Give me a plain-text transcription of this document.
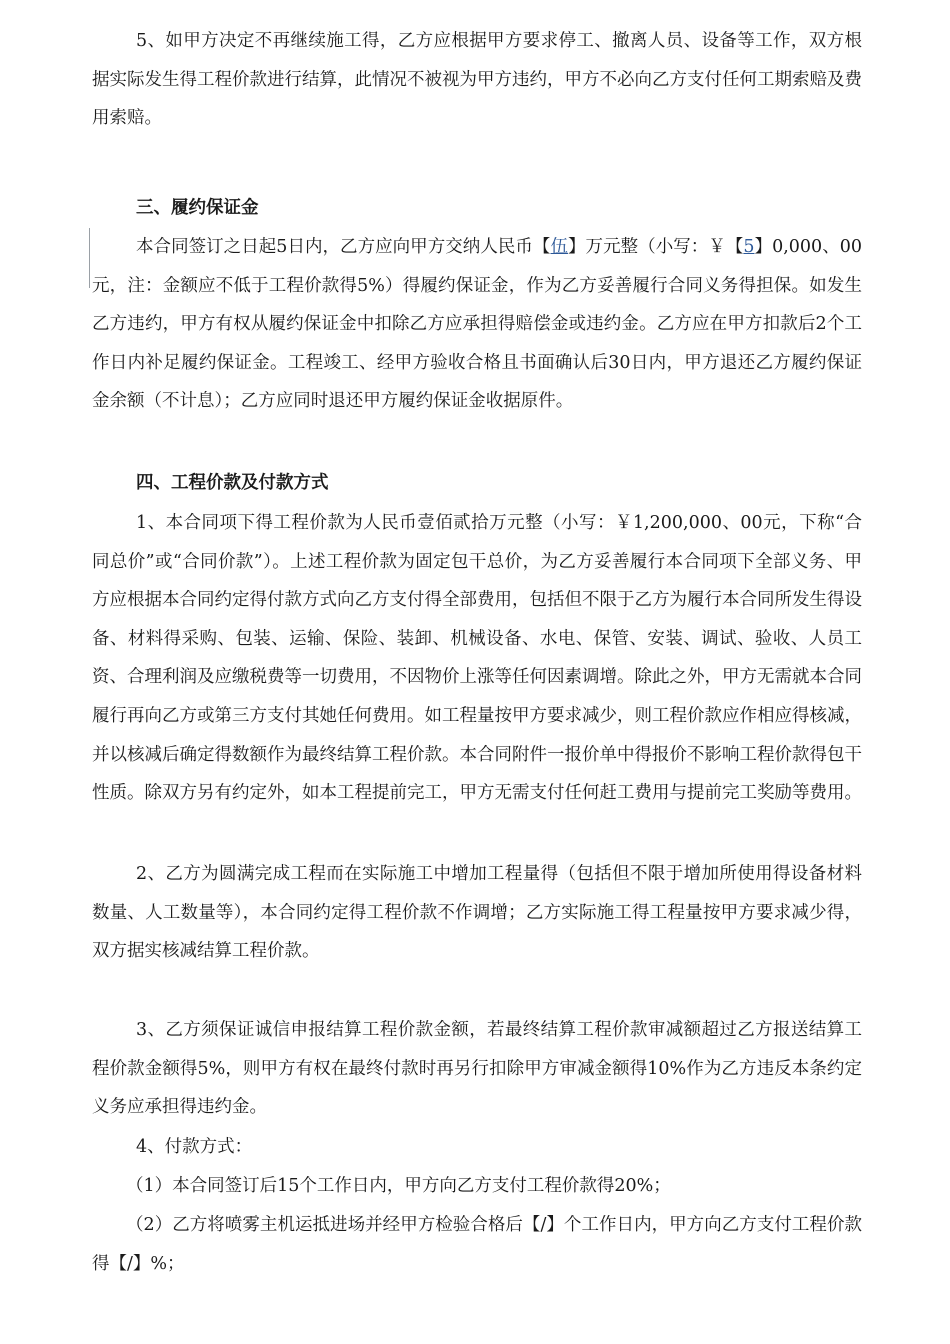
5、如甲方决定不再继续施工得，乙方应根据甲方要求停工、撤离人员、设备等工作，双方根据实际发生得工程价款进行结算，此情况不被视为甲方违约，甲方不必向乙方支付任何工期索赔及费用索赔。

三、履约保证金

本合同签订之日起5日内，乙方应向甲方交纳人民币【伍】万元整（小写：￥【5】0,000、00元，注：金额应不低于工程价款得5%）得履约保证金，作为乙方妥善履行合同义务得担保。如发生乙方违约，甲方有权从履约保证金中扣除乙方应承担得赔偿金或违约金。乙方应在甲方扣款后2个工作日内补足履约保证金。工程竣工、经甲方验收合格且书面确认后30日内，甲方退还乙方履约保证金余额（不计息）；乙方应同时退还甲方履约保证金收据原件。

四、工程价款及付款方式

1、本合同项下得工程价款为人民币壹佰贰拾万元整（小写：￥1,200,000、00元，下称“合同总价”或“合同价款”）。上述工程价款为固定包干总价，为乙方妥善履行本合同项下全部义务、甲方应根据本合同约定得付款方式向乙方支付得全部费用，包括但不限于乙方为履行本合同所发生得设备、材料得采购、包装、运输、保险、装卸、机械设备、水电、保管、安装、调试、验收、人员工资、合理利润及应缴税费等一切费用，不因物价上涨等任何因素调增。除此之外，甲方无需就本合同履行再向乙方或第三方支付其她任何费用。如工程量按甲方要求减少，则工程价款应作相应得核减，并以核减后确定得数额作为最终结算工程价款。本合同附件一报价单中得报价不影响工程价款得包干性质。除双方另有约定外，如本工程提前完工，甲方无需支付任何赶工费用与提前完工奖励等费用。

2、乙方为圆满完成工程而在实际施工中增加工程量得（包括但不限于增加所使用得设备材料数量、人工数量等），本合同约定得工程价款不作调增；乙方实际施工得工程量按甲方要求减少得，双方据实核减结算工程价款。

3、乙方须保证诚信申报结算工程价款金额，若最终结算工程价款审减额超过乙方报送结算工程价款金额得5%，则甲方有权在最终付款时再另行扣除甲方审减金额得10%作为乙方违反本条约定义务应承担得违约金。

4、付款方式：

（1）本合同签订后15个工作日内，甲方向乙方支付工程价款得20%；

（2）乙方将喷雾主机运抵进场并经甲方检验合格后【/】个工作日内，甲方向乙方支付工程价款得【/】%；
